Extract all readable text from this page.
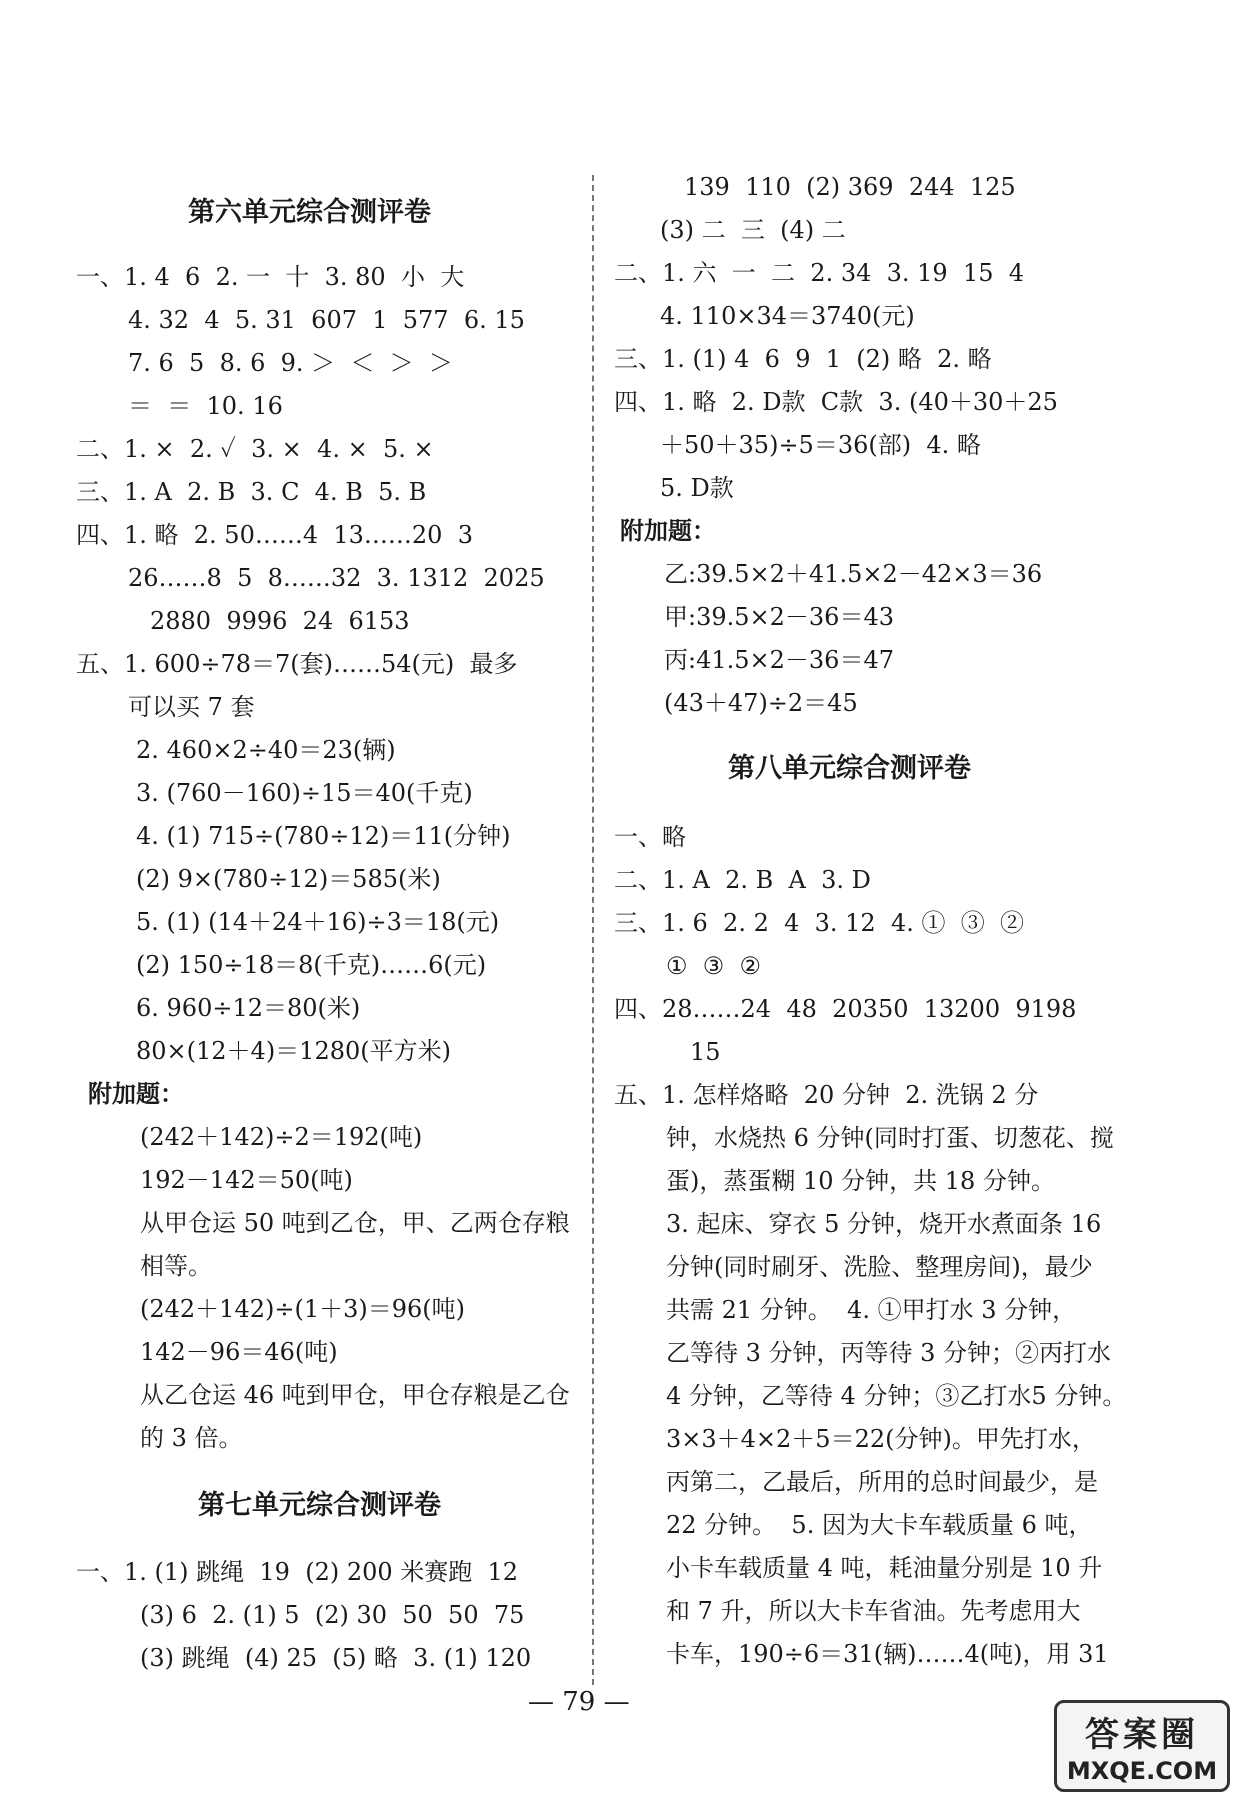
第六单元综合测评卷
一、1. 4  6  2. 一  十  3. 80  小  大
4. 32  4  5. 31  607  1  577  6. 15
7. 6  5  8. 6  9. ＞  ＜  ＞  ＞
＝  ＝  10. 16
二、1. ×  2. ✓  3. ×  4. ×  5. ×
三、1. A  2. B  3. C  4. B  5. B
四、1. 略  2. 50……4  13……20  3
26……8  5  8……32  3. 1312  2025
2880  9996  24  6153
五、1. 600÷78＝7(套)……54(元)  最多
可以买 7 套
2. 460×2÷40＝23(辆)
3. (760－160)÷15＝40(千克)
4. (1) 715÷(780÷12)＝11(分钟)
(2) 9×(780÷12)＝585(米)
5. (1) (14＋24＋16)÷3＝18(元)
(2) 150÷18＝8(千克)……6(元)
6. 960÷12＝80(米)
80×(12＋4)＝1280(平方米)
附加题：
(242＋142)÷2＝192(吨)
192－142＝50(吨)
从甲仓运 50 吨到乙仓，甲、乙两仓存粮
相等。
(242＋142)÷(1＋3)＝96(吨)
142－96＝46(吨)
从乙仓运 46 吨到甲仓，甲仓存粮是乙仓
的 3 倍。
第七单元综合测评卷
一、1. (1) 跳绳  19  (2) 200 米赛跑  12
(3) 6  2. (1) 5  (2) 30  50  50  75
(3) 跳绳  (4) 25  (5) 略  3. (1) 120
139  110  (2) 369  244  125
(3) 二  三  (4) 二
二、1. 六  一  二  2. 34  3. 19  15  4
4. 110×34＝3740(元)
三、1. (1) 4  6  9  1  (2) 略  2. 略
四、1. 略  2. D款  C款  3. (40＋30＋25
＋50＋35)÷5＝36(部)  4. 略
5. D款
附加题：
乙:39.5×2＋41.5×2－42×3＝36
甲:39.5×2－36＝43
丙:41.5×2－36＝47
(43＋47)÷2＝45
第八单元综合测评卷
一、略
二、1. A  2. B  A  3. D
三、1. 6  2. 2  4  3. 12  4. ①  ③  ②
①  ③  ②
四、28……24  48  20350  13200  9198
15
五、1. 怎样烙略  20 分钟  2. 洗锅 2 分
钟，水烧热 6 分钟(同时打蛋、切葱花、搅
蛋)，蒸蛋糊 10 分钟，共 18 分钟。
3. 起床、穿衣 5 分钟，烧开水煮面条 16
分钟(同时刷牙、洗脸、整理房间)，最少
共需 21 分钟。  4. ①甲打水 3 分钟，
乙等待 3 分钟，丙等待 3 分钟；②丙打水
4 分钟，乙等待 4 分钟；③乙打水5 分钟。
3×3＋4×2＋5＝22(分钟)。甲先打水，
丙第二，乙最后，所用的总时间最少，是
22 分钟。  5. 因为大卡车载质量 6 吨，
小卡车载质量 4 吨，耗油量分别是 10 升
和 7 升，所以大卡车省油。先考虑用大
卡车，190÷6＝31(辆)……4(吨)，用 31
— 79 —
答案圈
MXQE.COM
